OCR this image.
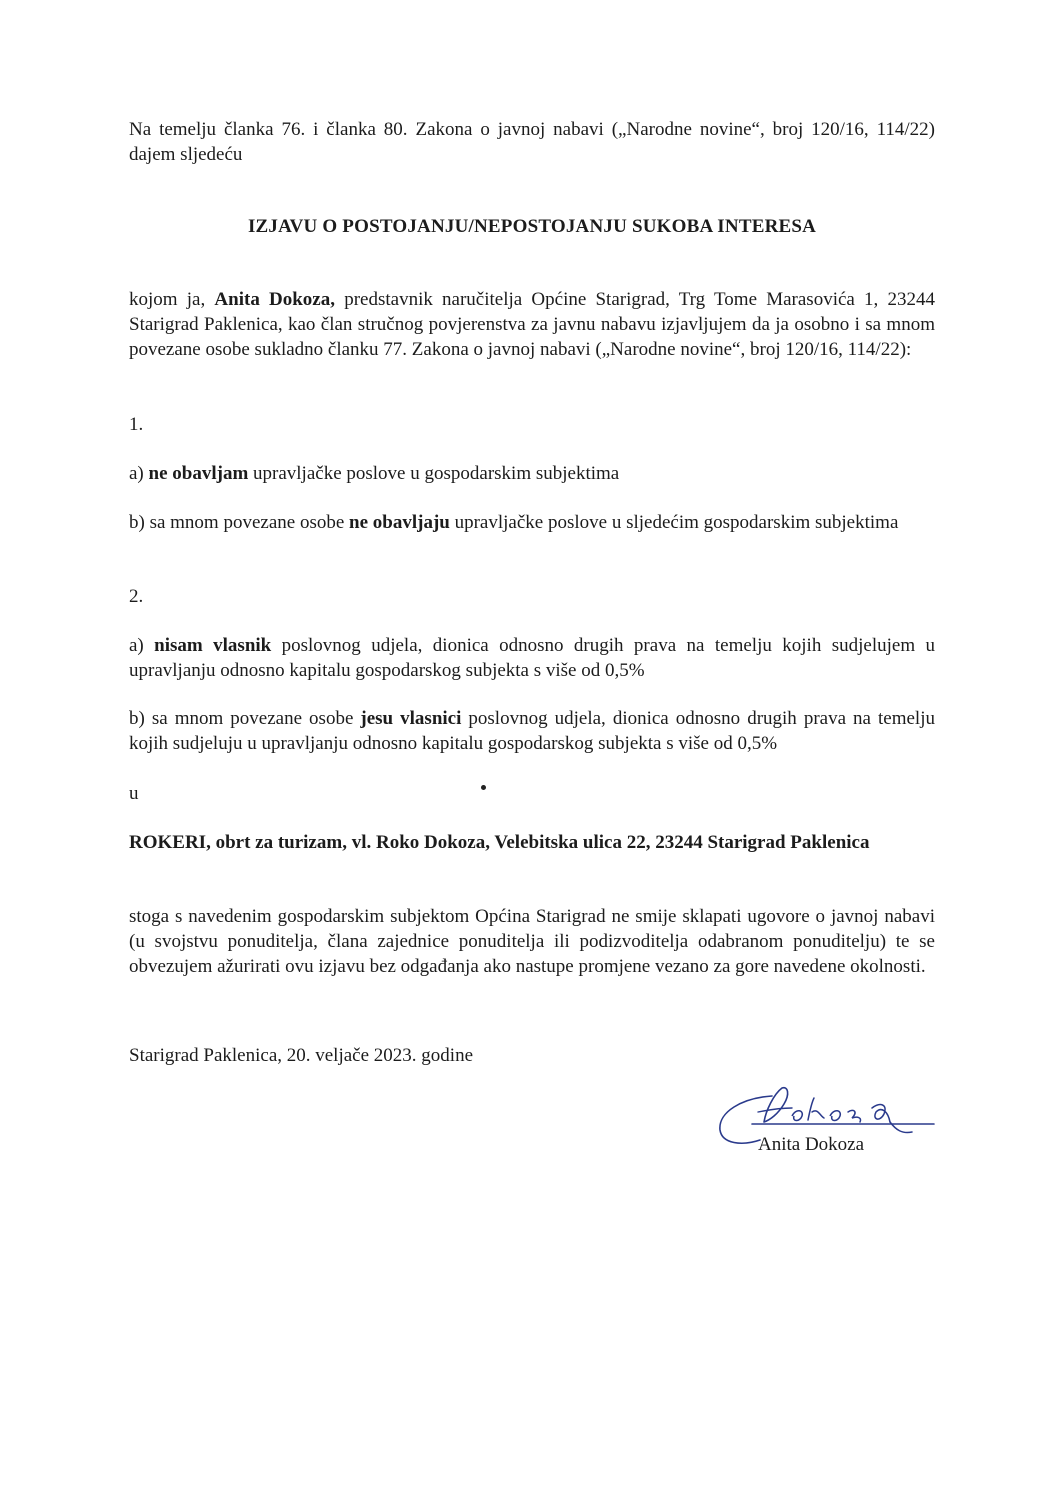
Na temelju članka 76. i članka 80. Zakona o javnoj nabavi („Narodne novine“, broj 120/16, 114/22) dajem sljedeću

IZJAVU O POSTOJANJU/NEPOSTOJANJU SUKOBA INTERESA

kojom ja, Anita Dokoza, predstavnik naručitelja Općine Starigrad, Trg Tome Marasovića 1, 23244 Starigrad Paklenica, kao član stručnog povjerenstva za javnu nabavu izjavljujem da ja osobno i sa mnom povezane osobe sukladno članku 77. Zakona o javnoj nabavi („Narodne novine“, broj 120/16, 114/22):

1.

a) ne obavljam upravljačke poslove u gospodarskim subjektima

b) sa mnom povezane osobe ne obavljaju upravljačke poslove u sljedećim gospodarskim subjektima

2.

a) nisam vlasnik poslovnog udjela, dionica odnosno drugih prava na temelju kojih sudjelujem u upravljanju odnosno kapitalu gospodarskog subjekta s više od 0,5%

b) sa mnom povezane osobe jesu vlasnici poslovnog udjela, dionica odnosno drugih prava na temelju kojih sudjeluju u upravljanju odnosno kapitalu gospodarskog subjekta s više od 0,5%

u

ROKERI, obrt za turizam, vl. Roko Dokoza, Velebitska ulica 22, 23244 Starigrad Paklenica

stoga s navedenim gospodarskim subjektom Općina Starigrad ne smije sklapati ugovore o javnoj nabavi (u svojstvu ponuditelja, člana zajednice ponuditelja ili podizvoditelja odabranom ponuditelju) te se obvezujem ažurirati ovu izjavu bez odgađanja ako nastupe promjene vezano za gore navedene okolnosti.

Starigrad Paklenica, 20. veljače 2023. godine

Anita Dokoza
